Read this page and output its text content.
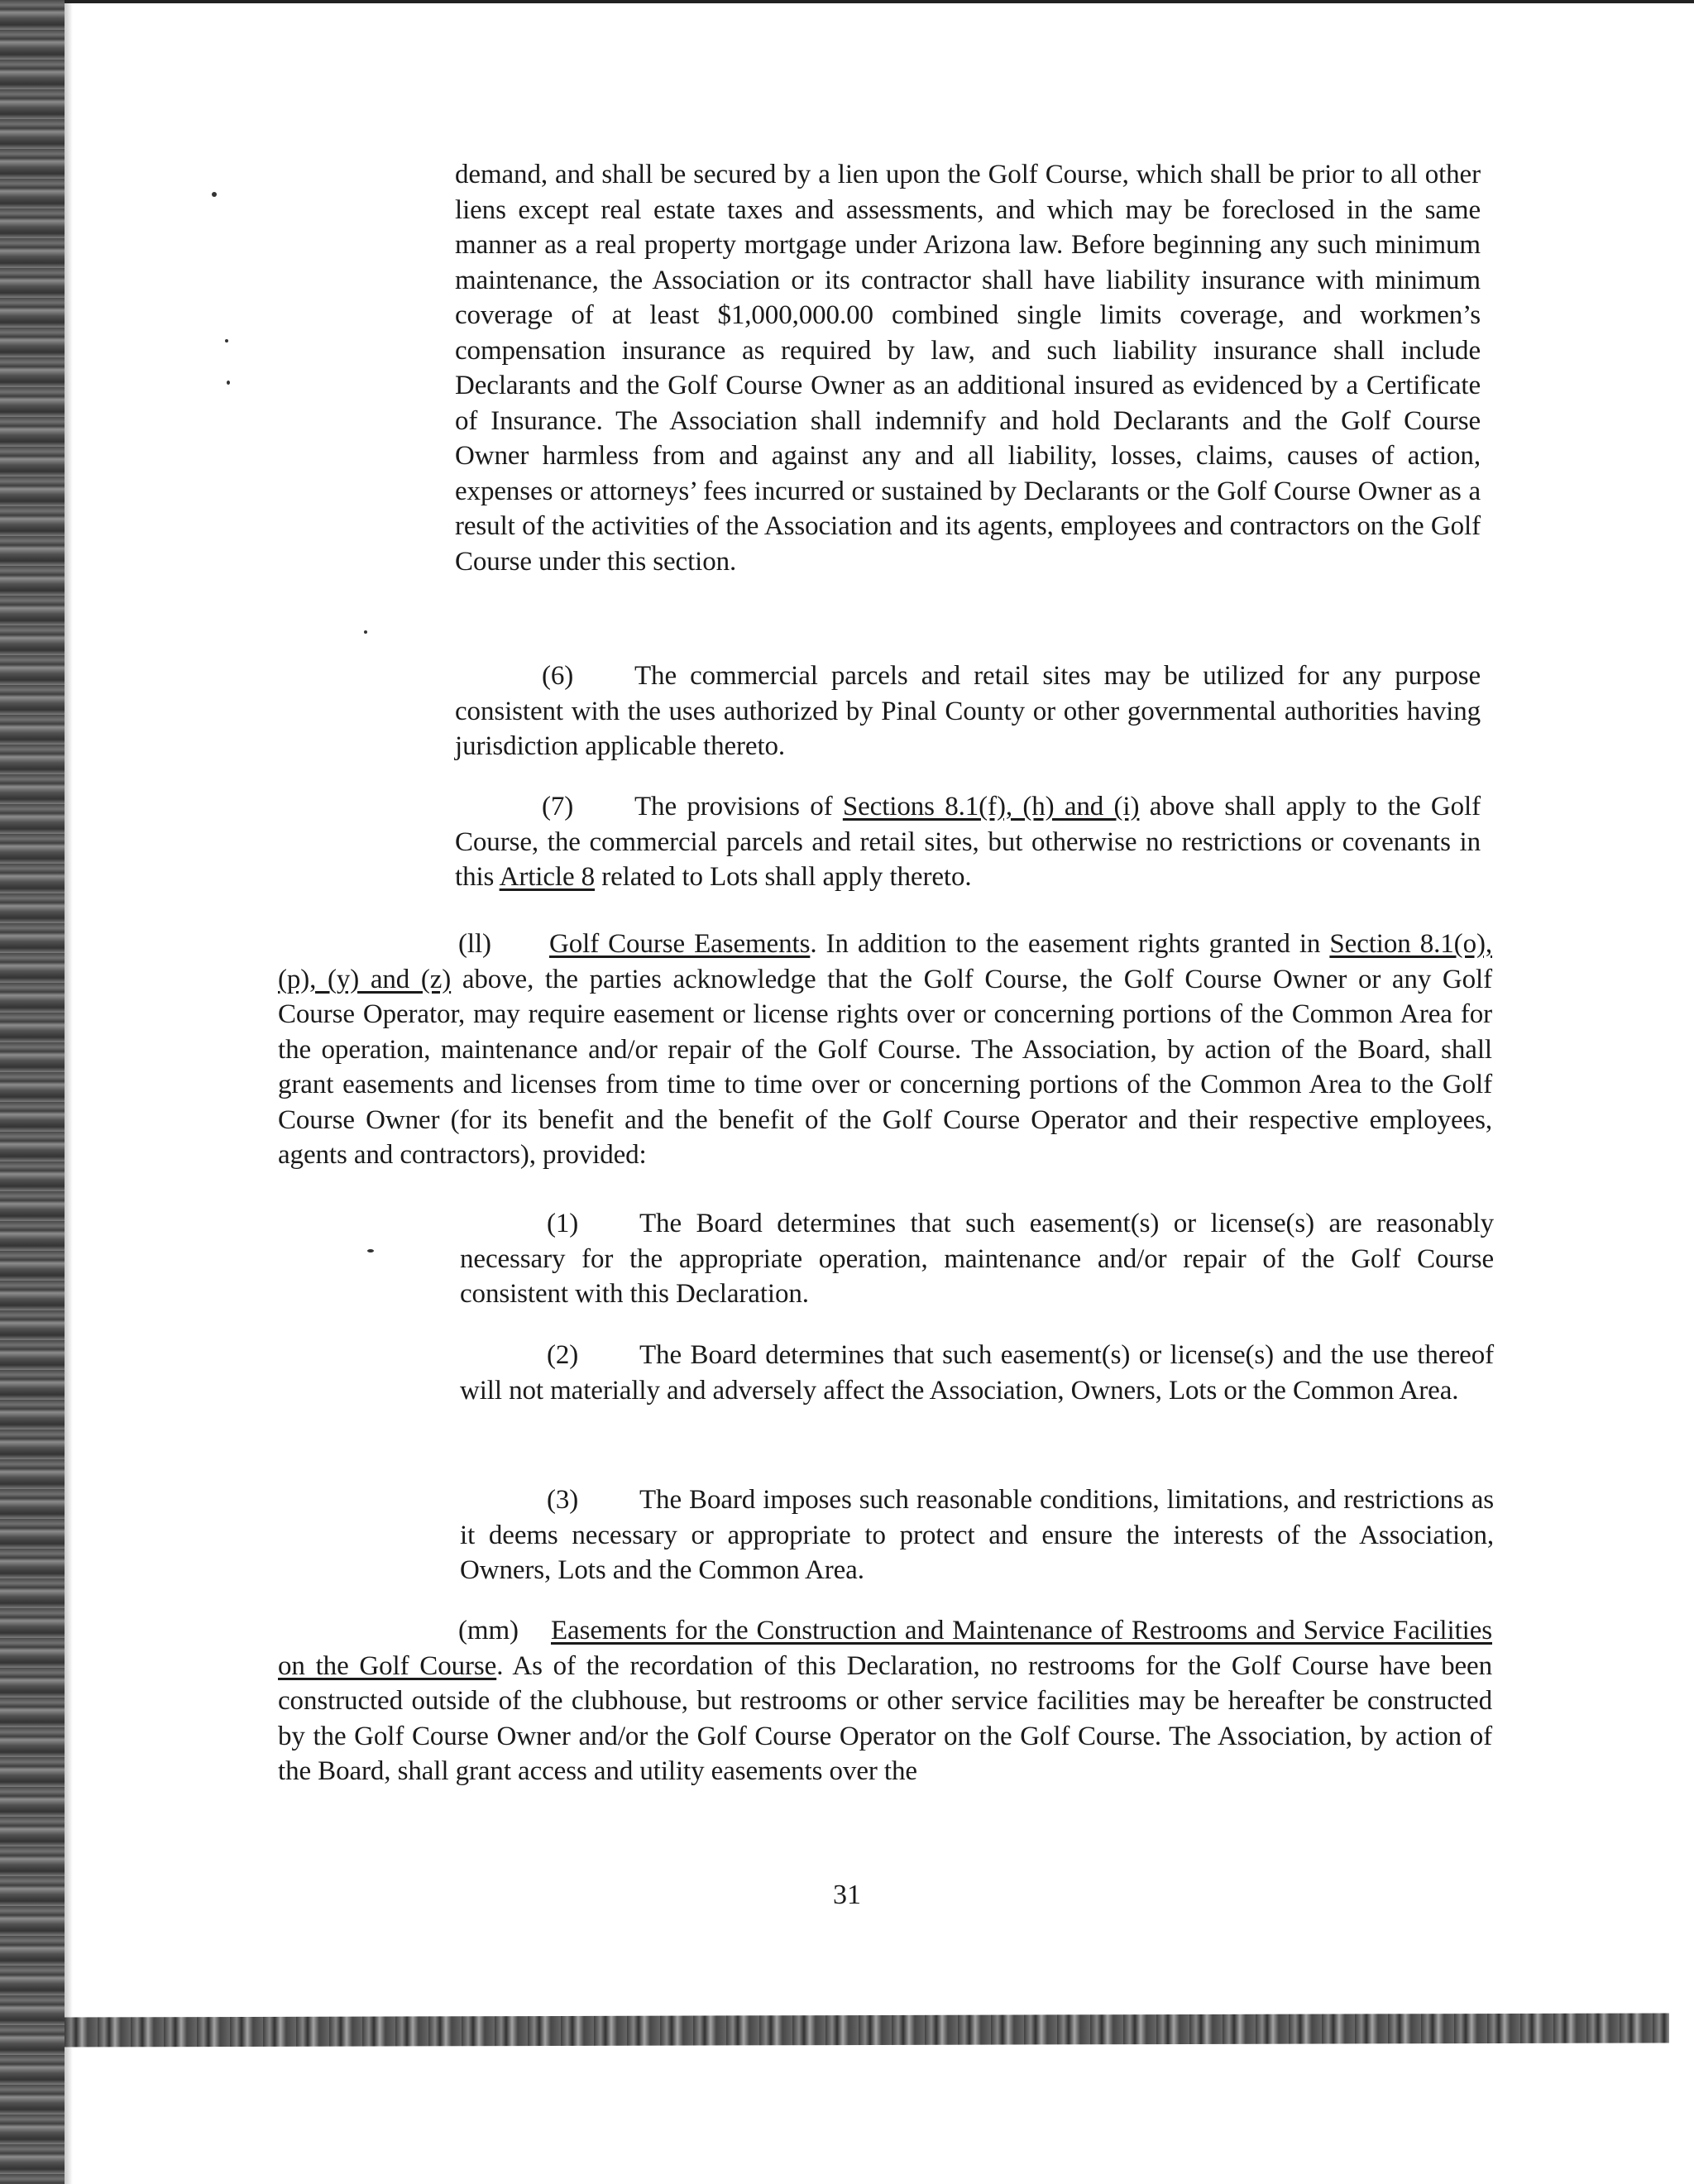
demand, and shall be secured by a lien upon the Golf Course, which shall be prior to all other liens except real estate taxes and assessments, and which may be foreclosed in the same manner as a real property mortgage under Arizona law. Before beginning any such minimum maintenance, the Association or its contractor shall have liability insurance with minimum coverage of at least $1,000,000.00 combined single limits coverage, and workmen’s compensation insurance as required by law, and such liability insurance shall include Declarants and the Golf Course Owner as an additional insured as evidenced by a Certificate of Insurance. The Association shall indemnify and hold Declarants and the Golf Course Owner harmless from and against any and all liability, losses, claims, causes of action, expenses or attorneys’ fees incurred or sustained by Declarants or the Golf Course Owner as a result of the activities of the Association and its agents, employees and contractors on the Golf Course under this section.

(6) The commercial parcels and retail sites may be utilized for any purpose consistent with the uses authorized by Pinal County or other governmental authorities having jurisdiction applicable thereto.

(7) The provisions of Sections 8.1(f), (h) and (i) above shall apply to the Golf Course, the commercial parcels and retail sites, but otherwise no restrictions or covenants in this Article 8 related to Lots shall apply thereto.

(ll) Golf Course Easements. In addition to the easement rights granted in Section 8.1(o), (p), (y) and (z) above, the parties acknowledge that the Golf Course, the Golf Course Owner or any Golf Course Operator, may require easement or license rights over or concerning portions of the Common Area for the operation, maintenance and/or repair of the Golf Course. The Association, by action of the Board, shall grant easements and licenses from time to time over or concerning portions of the Common Area to the Golf Course Owner (for its benefit and the benefit of the Golf Course Operator and their respective employees, agents and contractors), provided:

(1) The Board determines that such easement(s) or license(s) are reasonably necessary for the appropriate operation, maintenance and/or repair of the Golf Course consistent with this Declaration.

(2) The Board determines that such easement(s) or license(s) and the use thereof will not materially and adversely affect the Association, Owners, Lots or the Common Area.

(3) The Board imposes such reasonable conditions, limitations, and restrictions as it deems necessary or appropriate to protect and ensure the interests of the Association, Owners, Lots and the Common Area.

(mm) Easements for the Construction and Maintenance of Restrooms and Service Facilities on the Golf Course. As of the recordation of this Declaration, no restrooms for the Golf Course have been constructed outside of the clubhouse, but restrooms or other service facilities may be hereafter be constructed by the Golf Course Owner and/or the Golf Course Operator on the Golf Course. The Association, by action of the Board, shall grant access and utility easements over the

31
